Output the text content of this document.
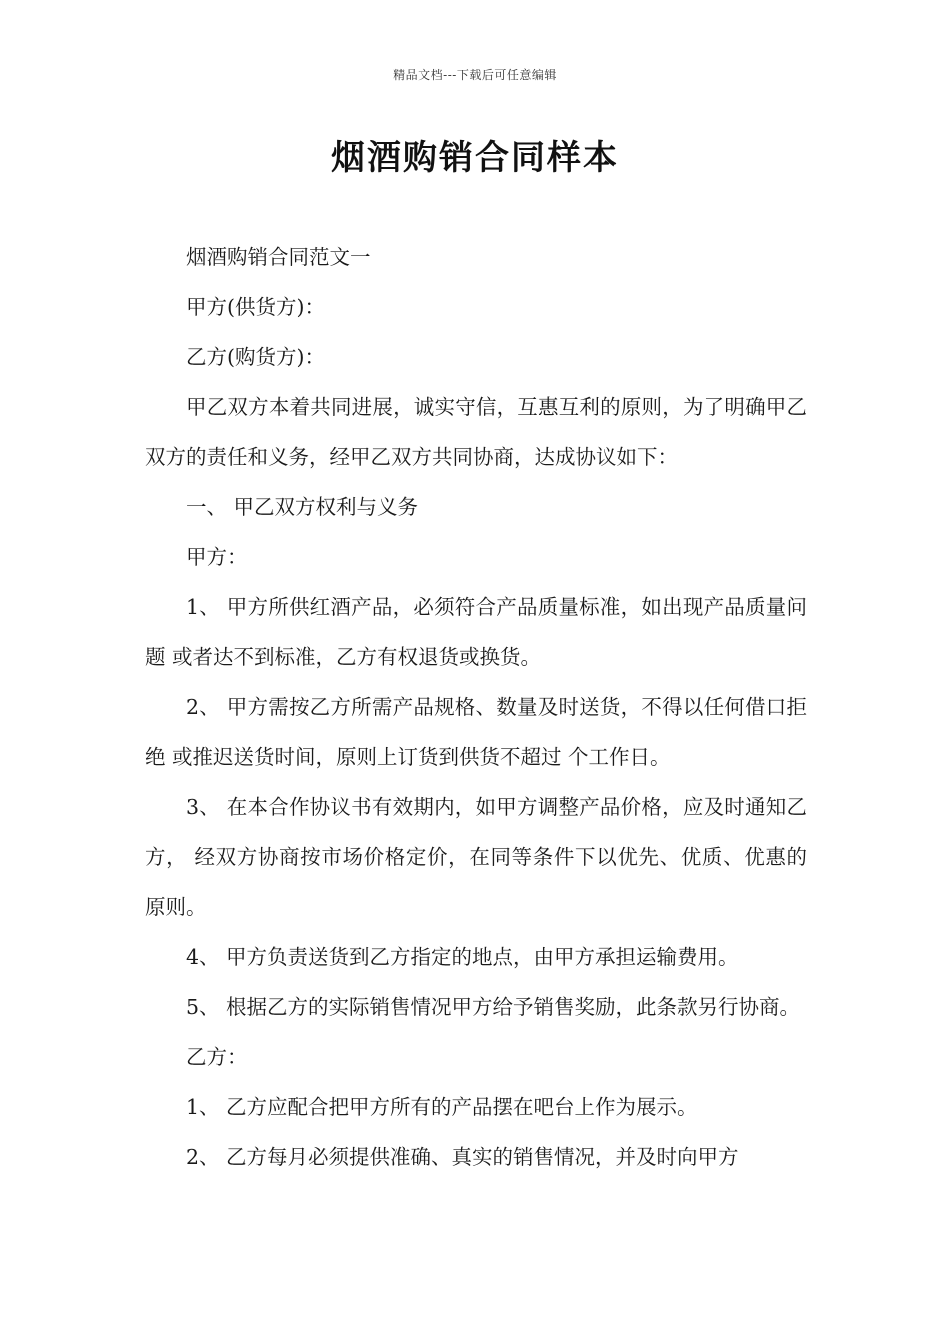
精品文档---下载后可任意编辑
烟酒购销合同样本

烟酒购销合同范文一

甲方(供货方)：

乙方(购货方)：

甲乙双方本着共同进展，诚实守信，互惠互利的原则，为了明确甲乙双方的责任和义务，经甲乙双方共同协商，达成协议如下：

一、 甲乙双方权利与义务

甲方：

1、 甲方所供红酒产品，必须符合产品质量标准，如出现产品质量问题 或者达不到标准，乙方有权退货或换货。

2、 甲方需按乙方所需产品规格、数量及时送货，不得以任何借口拒绝 或推迟送货时间，原则上订货到供货不超过 个工作日。

3、 在本合作协议书有效期内，如甲方调整产品价格，应及时通知乙方， 经双方协商按市场价格定价，在同等条件下以优先、优质、优惠的原则。

4、 甲方负责送货到乙方指定的地点，由甲方承担运输费用。

5、 根据乙方的实际销售情况甲方给予销售奖励，此条款另行协商。

乙方：

1、 乙方应配合把甲方所有的产品摆在吧台上作为展示。

2、 乙方每月必须提供准确、真实的销售情况，并及时向甲方
